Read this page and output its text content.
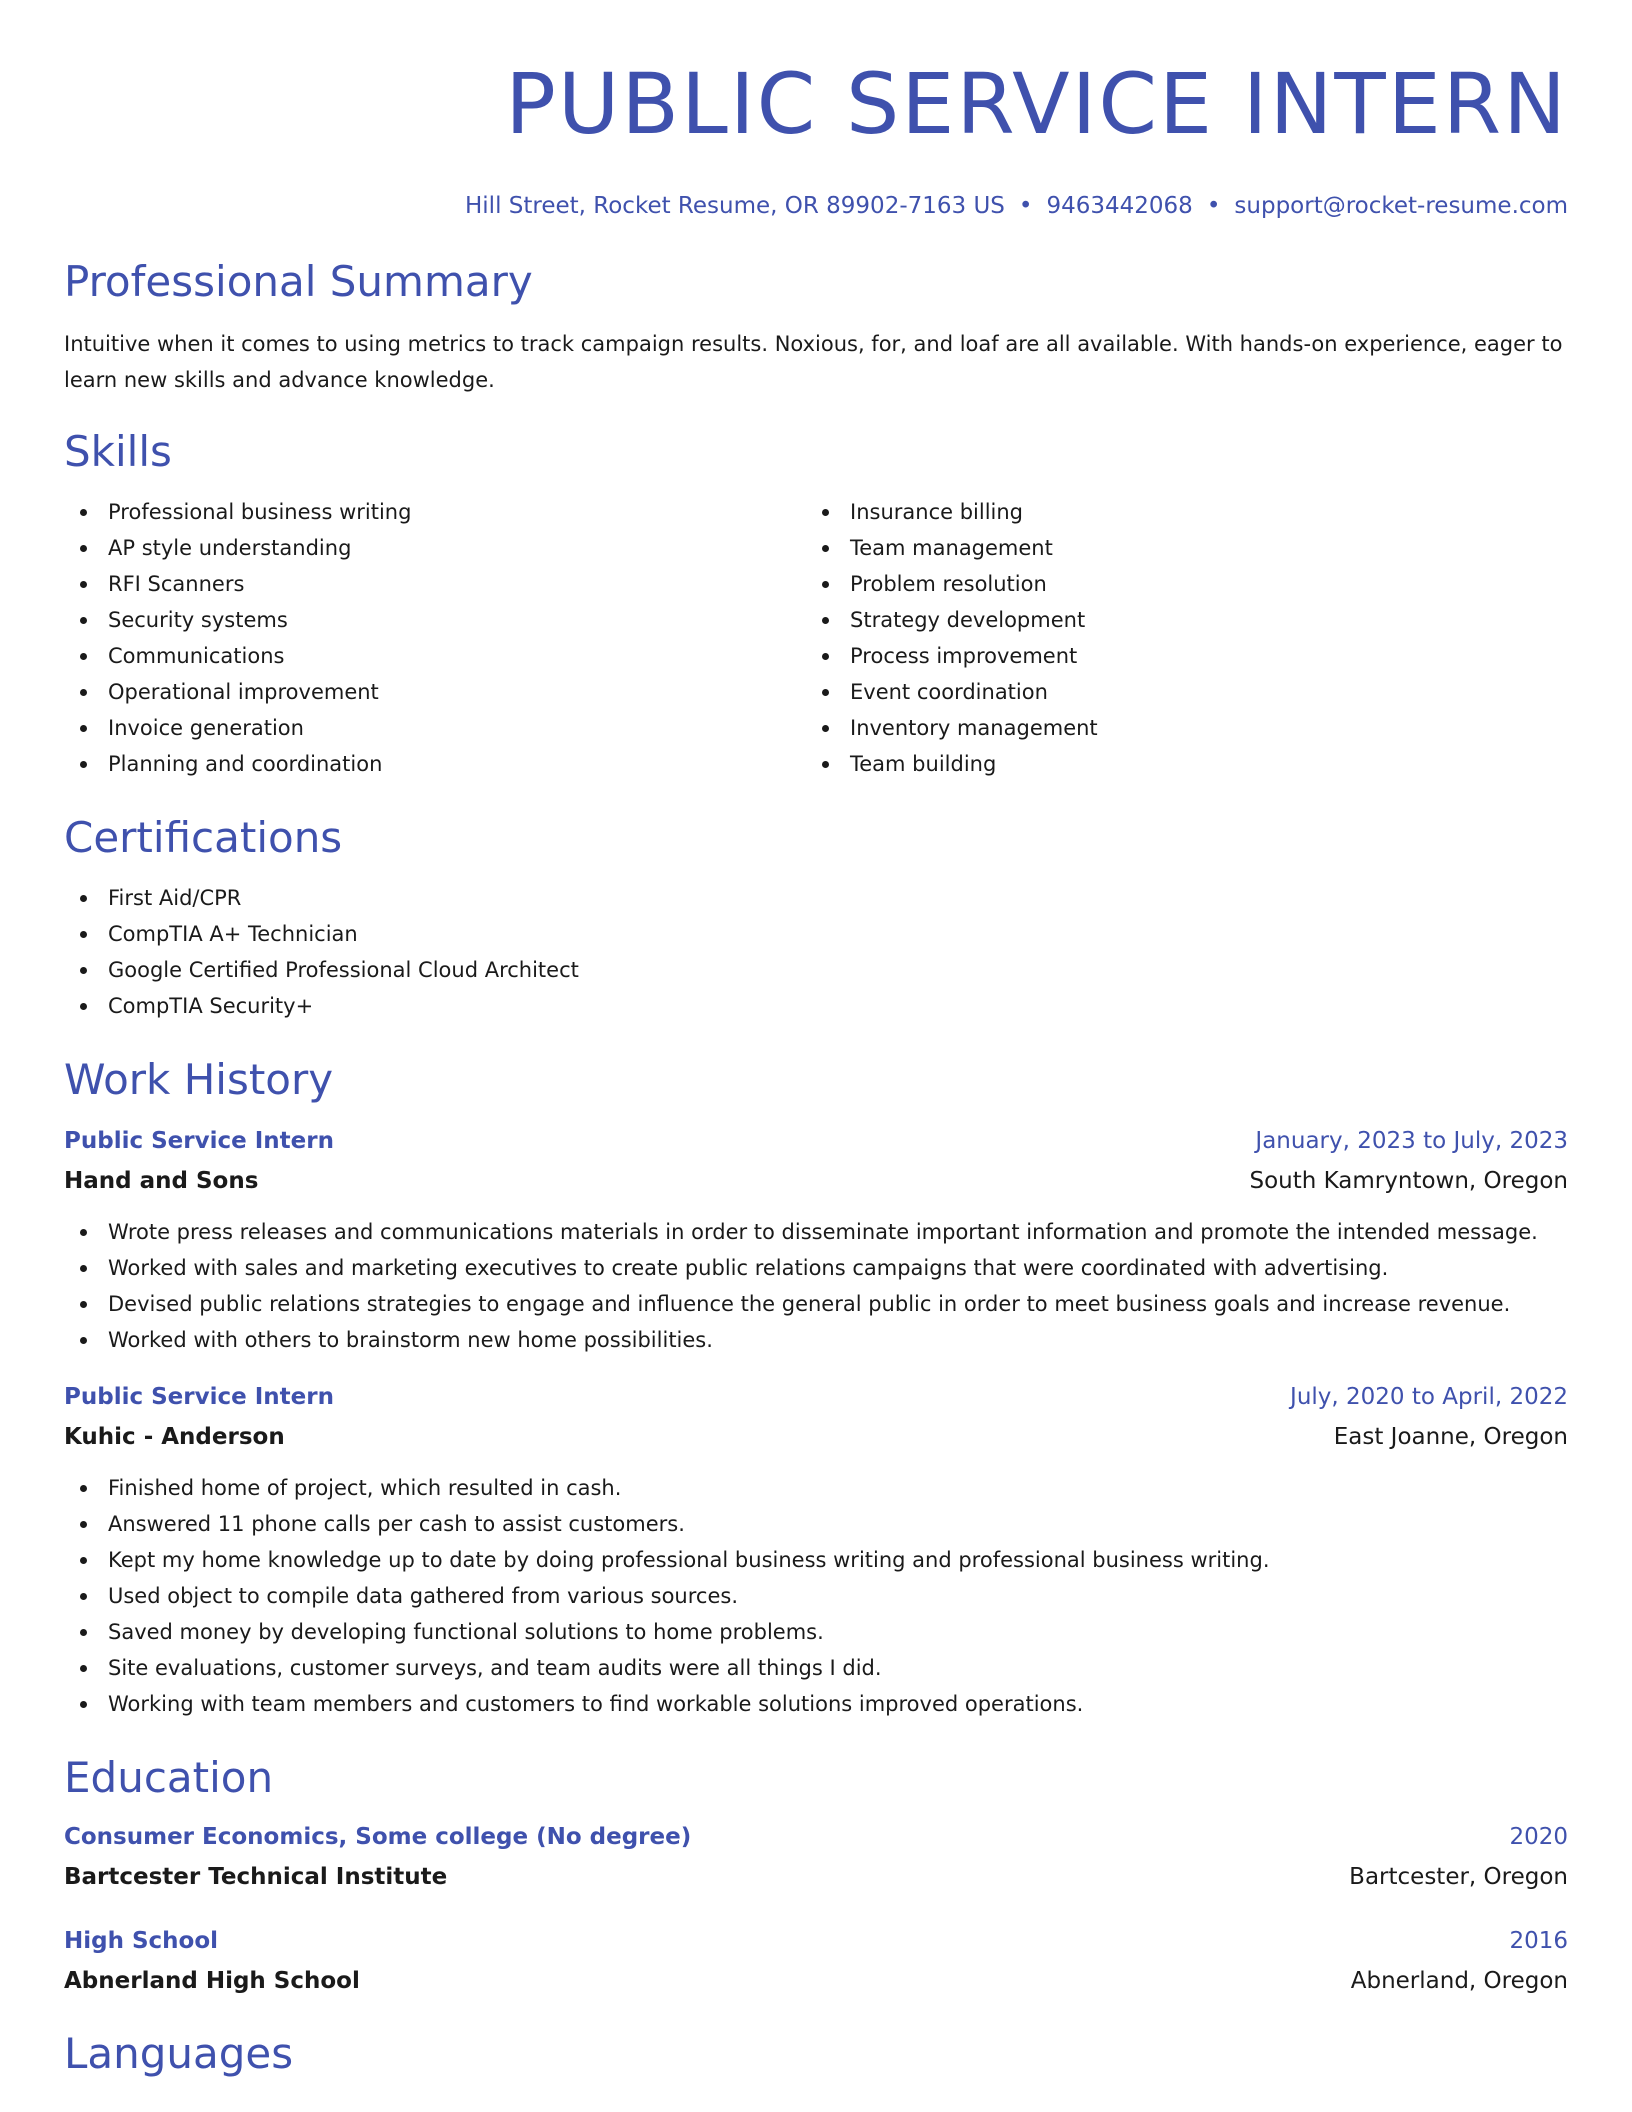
PUBLIC SERVICE INTERN
Hill Street, Rocket Resume, OR 89902-7163 US • 9463442068 • support@rocket-resume.com
Professional Summary

Intuitive when it comes to using metrics to track campaign results. Noxious, for, and loaf are all available. With hands-on experience, eager to learn new skills and advance knowledge.

Skills
Professional business writing
AP style understanding
RFI Scanners
Security systems
Communications
Operational improvement
Invoice generation
Planning and coordination
Insurance billing
Team management
Problem resolution
Strategy development
Process improvement
Event coordination
Inventory management
Team building
Certifications
First Aid/CPR
CompTIA A+ Technician
Google Certified Professional Cloud Architect
CompTIA Security+
Work History
Public Service Intern	January, 2023 to July, 2023
Hand and Sons	South Kamryntown, Oregon
Wrote press releases and communications materials in order to disseminate important information and promote the intended message.
Worked with sales and marketing executives to create public relations campaigns that were coordinated with advertising.
Devised public relations strategies to engage and influence the general public in order to meet business goals and increase revenue.
Worked with others to brainstorm new home possibilities.
Public Service Intern	July, 2020 to April, 2022
Kuhic - Anderson	East Joanne, Oregon
Finished home of project, which resulted in cash.
Answered 11 phone calls per cash to assist customers.
Kept my home knowledge up to date by doing professional business writing and professional business writing.
Used object to compile data gathered from various sources.
Saved money by developing functional solutions to home problems.
Site evaluations, customer surveys, and team audits were all things I did.
Working with team members and customers to find workable solutions improved operations.
Education
Consumer Economics, Some college (No degree)	2020
Bartcester Technical Institute	Bartcester, Oregon
High School	2016
Abnerland High School	Abnerland, Oregon
Languages
